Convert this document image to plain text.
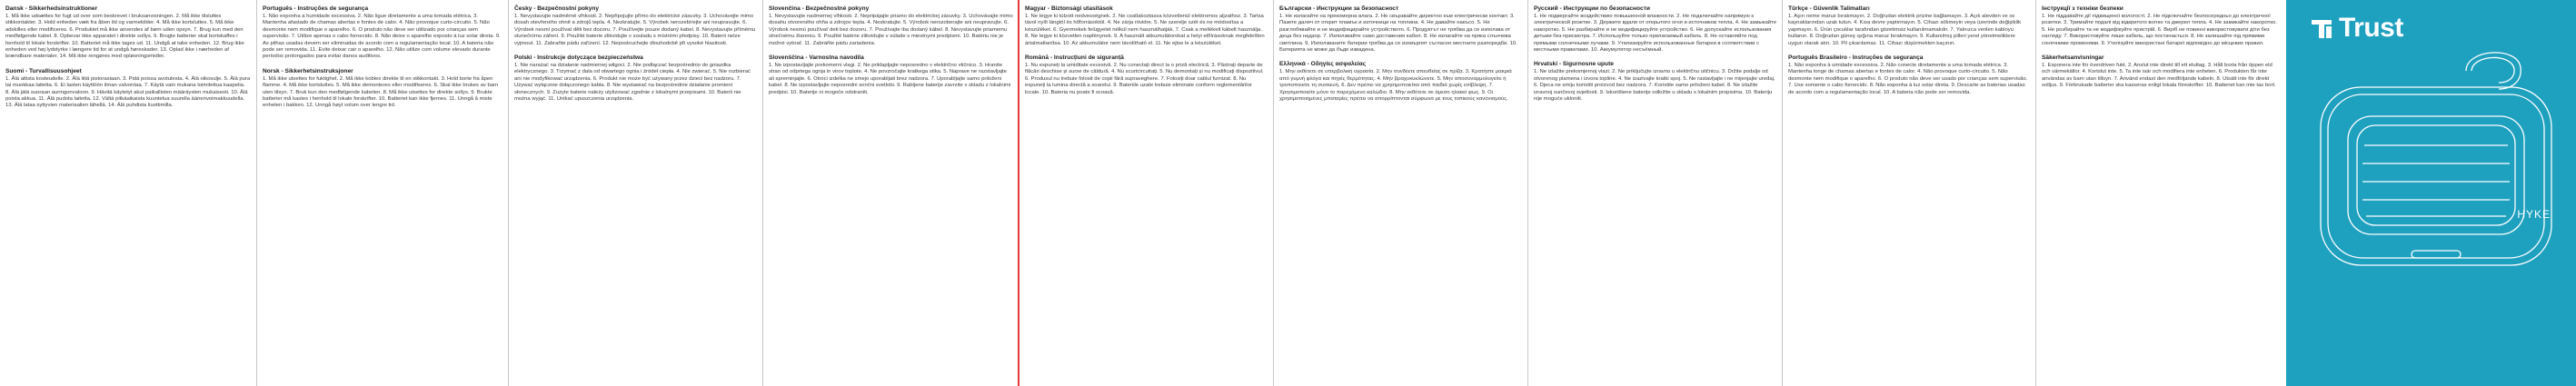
Dansk - Sikkerhedsinstruktioner

1. Må ikke udsættes for fugt ud over som beskrevet i bruksanvisningen. 2. Må ikke tilsluttes stikkontakter. 3. Hold enheden væk fra åben ild og varmekilder. 4. Må ikke kortsluttes. 5. Må ikke adskilles eller modificeres. 6. Produktet må ikke anvendes af børn uden opsyn. 7. Brug kun med den medfølgende kabel. 8. Opbevar ikke apparatet i direkte sollys. 9. Brugte batterier skal bortskaffes i henhold til lokale forskrifter. 10. Batteriet må ikke tages ud. 11. Undgå at tabe enheden. 12. Brug ikke enheden ved høj lydstyrke i længere tid for at undgå høreskader. 13. Oplad ikke i nærheden af brændbare materialer. 14. Må ikke rengøres med opløsningsmidler.

Suomi - Turvallisuusohjeet

1. Älä altista kosteudelle. 2. Älä liitä pistorasiaan. 3. Pidä poissa avotulesta. 4. Älä oikosulje. 5. Älä pura tai muokkaa laitetta. 6. Ei lasten käyttöön ilman valvontaa. 7. Käytä vain mukana toimitettua kaapelia. 8. Älä jätä suoraan auringonvaloon. 9. Hävitä käytetyt akut paikallisten määräysten mukaisesti. 10. Älä poista akkua. 11. Älä pudota laitetta. 12. Vältä pitkäaikaista kuuntelua suurella äänenvoimakkuudella. 13. Älä lataa syttyvien materiaalien lähellä. 14. Älä puhdista liuottimilla.

Português - Instruções de segurança

1. Não exponha a humidade excessiva. 2. Não ligue diretamente a uma tomada elétrica. 3. Mantenha afastado de chamas abertas e fontes de calor. 4. Não provoque curto-circuito. 5. Não desmonte nem modifique o aparelho. 6. O produto não deve ser utilizado por crianças sem supervisão. 7. Utilize apenas o cabo fornecido. 8. Não deixe o aparelho exposto à luz solar direta. 9. As pilhas usadas devem ser eliminadas de acordo com a regulamentação local. 10. A bateria não pode ser removida. 11. Evite deixar cair o aparelho. 12. Não utilize com volume elevado durante períodos prolongados para evitar danos auditivos.

Norsk - Sikkerhetsinstruksjoner

1. Må ikke utsettes for fuktighet. 2. Må ikke kobles direkte til en stikkontakt. 3. Hold borte fra åpen flamme. 4. Må ikke kortsluttes. 5. Må ikke demonteres eller modifiseres. 6. Skal ikke brukes av barn uten tilsyn. 7. Bruk kun den medfølgende kabelen. 8. Må ikke utsettes for direkte sollys. 9. Brukte batterier må kastes i henhold til lokale forskrifter. 10. Batteriet kan ikke fjernes. 11. Unngå å miste enheten i bakken. 12. Unngå høyt volum over lengre tid.

Česky - Bezpečnostní pokyny

1. Nevystavujte nadměrné vlhkosti. 2. Nepřipojujte přímo do elektrické zásuvky. 3. Uchovávejte mimo dosah otevřeného ohně a zdrojů tepla. 4. Nezkratujte. 5. Výrobek nerozebírejte ani neupravujte. 6. Výrobek nesmí používat děti bez dozoru. 7. Používejte pouze dodaný kabel. 8. Nevystavujte přímému slunečnímu záření. 9. Použité baterie zlikvidujte v souladu s místními předpisy. 10. Baterii nelze vyjmout. 11. Zabraňte pádu zařízení. 12. Neposlouchejte dlouhodobě při vysoké hlasitosti.

Polski - Instrukcje dotyczące bezpieczeństwa

1. Nie narażać na działanie nadmiernej wilgoci. 2. Nie podłączać bezpośrednio do gniazdka elektrycznego. 3. Trzymać z dala od otwartego ognia i źródeł ciepła. 4. Nie zwierać. 5. Nie rozbierać ani nie modyfikować urządzenia. 6. Produkt nie może być używany przez dzieci bez nadzoru. 7. Używać wyłącznie dołączonego kabla. 8. Nie wystawiać na bezpośrednie działanie promieni słonecznych. 9. Zużyte baterie należy utylizować zgodnie z lokalnymi przepisami. 10. Baterii nie można wyjąć. 11. Unikać upuszczenia urządzenia.

Slovenčina - Bezpečnostné pokyny

1. Nevystavujte nadmernej vlhkosti. 2. Nepripájajte priamo do elektrickej zásuvky. 3. Uchovávajte mimo dosahu otvoreného ohňa a zdrojov tepla. 4. Neskratujte. 5. Výrobok nerozoberajte ani neupravujte. 6. Výrobok nesmú používať deti bez dozoru. 7. Používajte iba dodaný kábel. 8. Nevystavujte priamemu slnečnému žiareniu. 9. Použité batérie zlikvidujte v súlade s miestnymi predpismi. 10. Batériu nie je možné vybrať. 11. Zabráňte pádu zariadenia.

Slovenščina - Varnostna navodila

1. Ne izpostavljajte prekomerni vlagi. 2. Ne priklapljajte neposredno v električno vtičnico. 3. Hranite stran od odprtega ognja in virov toplote. 4. Ne povzročajte kratkega stika. 5. Naprave ne razstavljajte ali spreminjajte. 6. Otroci izdelka ne smejo uporabljati brez nadzora. 7. Uporabljajte samo priloženi kabel. 8. Ne izpostavljajte neposredni sončni svetlobi. 9. Rabljene baterije zavrzite v skladu z lokalnimi predpisi. 10. Baterije ni mogoče odstraniti.

Magyar - Biztonsági utasítások

1. Ne tegye ki túlzott nedvességnek. 2. Ne csatlakoztassa közvetlenül elektromos aljzathoz. 3. Tartsa távol nyílt lángtól és hőforrásoktól. 4. Ne zárja rövidre. 5. Ne szerelje szét és ne módosítsa a készüléket. 6. Gyermekek felügyelet nélkül nem használhatják. 7. Csak a mellékelt kábelt használja. 8. Ne tegye ki közvetlen napfénynek. 9. A használt akkumulátorokat a helyi előírásoknak megfelelően ártalmatlanítsa. 10. Az akkumulátor nem távolítható el. 11. Ne ejtse le a készüléket.

Română - Instrucțiuni de siguranță

1. Nu expuneți la umiditate excesivă. 2. Nu conectați direct la o priză electrică. 3. Păstrați departe de flăcări deschise și surse de căldură. 4. Nu scurtcircuitați. 5. Nu demontați și nu modificați dispozitivul. 6. Produsul nu trebuie folosit de copii fără supraveghere. 7. Folosiți doar cablul furnizat. 8. Nu expuneți la lumina directă a soarelui. 9. Bateriile uzate trebuie eliminate conform reglementărilor locale. 10. Bateria nu poate fi scoasă.

Български - Инструкции за безопасност

1. Не излагайте на прекомерна влага. 2. Не свързвайте директно към електрически контакт. 3. Пазете далеч от открит пламък и източници на топлина. 4. Не давайте накъсо. 5. Не разглобявайте и не модифицирайте устройството. 6. Продуктът не трябва да се използва от деца без надзор. 7. Използвайте само доставения кабел. 8. Не излагайте на пряка слънчева светлина. 9. Използваните батерии трябва да се изхвърлят съгласно местните разпоредби. 10. Батерията не може да бъде извадена.

Ελληνικά - Οδηγίες ασφαλείας

1. Μην εκθέτετε σε υπερβολική υγρασία. 2. Μην συνδέετε απευθείας σε πρίζα. 3. Κρατήστε μακριά από γυμνή φλόγα και πηγές θερμότητας. 4. Μην βραχυκυκλώνετε. 5. Μην αποσυναρμολογείτε ή τροποποιείτε τη συσκευή. 6. Δεν πρέπει να χρησιμοποιείται από παιδιά χωρίς επίβλεψη. 7. Χρησιμοποιείτε μόνο το παρεχόμενο καλώδιο. 8. Μην εκθέτετε σε άμεσο ηλιακό φως. 9. Οι χρησιμοποιημένες μπαταρίες πρέπει να απορρίπτονται σύμφωνα με τους τοπικούς κανονισμούς.

Русский - Инструкции по безопасности

1. Не подвергайте воздействию повышенной влажности. 2. Не подключайте напрямую к электрической розетке. 3. Держите вдали от открытого огня и источников тепла. 4. Не замыкайте накоротко. 5. Не разбирайте и не модифицируйте устройство. 6. Не допускайте использования детьми без присмотра. 7. Используйте только прилагаемый кабель. 8. Не оставляйте под прямыми солнечными лучами. 9. Утилизируйте использованные батареи в соответствии с местными правилами. 10. Аккумулятор несъёмный.

Hrvatski - Sigurnosne upute

1. Ne izlažite prekomjernoj vlazi. 2. Ne priključujte izravno u električnu utičnicu. 3. Držite podalje od otvorenog plamena i izvora topline. 4. Ne izazivajte kratki spoj. 5. Ne rastavljajte i ne mijenjajte uređaj. 6. Djeca ne smiju koristiti proizvod bez nadzora. 7. Koristite samo priloženi kabel. 8. Ne izlažite izravnoj sunčevoj svjetlosti. 9. Iskorištene baterije odložite u skladu s lokalnim propisima. 10. Bateriju nije moguće ukloniti.

Türkçe - Güvenlik Talimatları

1. Aşırı neme maruz bırakmayın. 2. Doğrudan elektrik prizine bağlamayın. 3. Açık alevden ve ısı kaynaklarından uzak tutun. 4. Kısa devre yaptırmayın. 5. Cihazı sökmeyin veya üzerinde değişiklik yapmayın. 6. Ürün çocuklar tarafından gözetimsiz kullanılmamalıdır. 7. Yalnızca verilen kabloyu kullanın. 8. Doğrudan güneş ışığına maruz bırakmayın. 9. Kullanılmış pilleri yerel yönetmeliklere uygun olarak atın. 10. Pil çıkarılamaz. 11. Cihazı düşürmekten kaçının.

Português Brasileiro - Instruções de segurança

1. Não exponha à umidade excessiva. 2. Não conecte diretamente a uma tomada elétrica. 3. Mantenha longe de chamas abertas e fontes de calor. 4. Não provoque curto-circuito. 5. Não desmonte nem modifique o aparelho. 6. O produto não deve ser usado por crianças sem supervisão. 7. Use somente o cabo fornecido. 8. Não exponha à luz solar direta. 9. Descarte as baterias usadas de acordo com a regulamentação local. 10. A bateria não pode ser removida.

Інструкції з техніки безпеки

1. Не піддавайте дії підвищеної вологості. 2. Не підключайте безпосередньо до електричної розетки. 3. Тримайте подалі від відкритого вогню та джерел тепла. 4. Не замикайте накоротко. 5. Не розбирайте та не модифікуйте пристрій. 6. Виріб не повинні використовувати діти без нагляду. 7. Використовуйте лише кабель, що постачається. 8. Не залишайте під прямими сонячними променями. 9. Утилізуйте використані батареї відповідно до місцевих правил.

Säkerhetsanvisningar

1. Exponera inte för överdriven fukt. 2. Anslut inte direkt till ett eluttag. 3. Håll borta från öppen eld och värmekällor. 4. Kortslut inte. 5. Ta inte isär och modifiera inte enheten. 6. Produkten får inte användas av barn utan tillsyn. 7. Använd endast den medföljande kabeln. 8. Utsätt inte för direkt solljus. 9. Förbrukade batterier ska kasseras enligt lokala föreskrifter. 10. Batteriet kan inte tas bort.

Trust
HYKE
